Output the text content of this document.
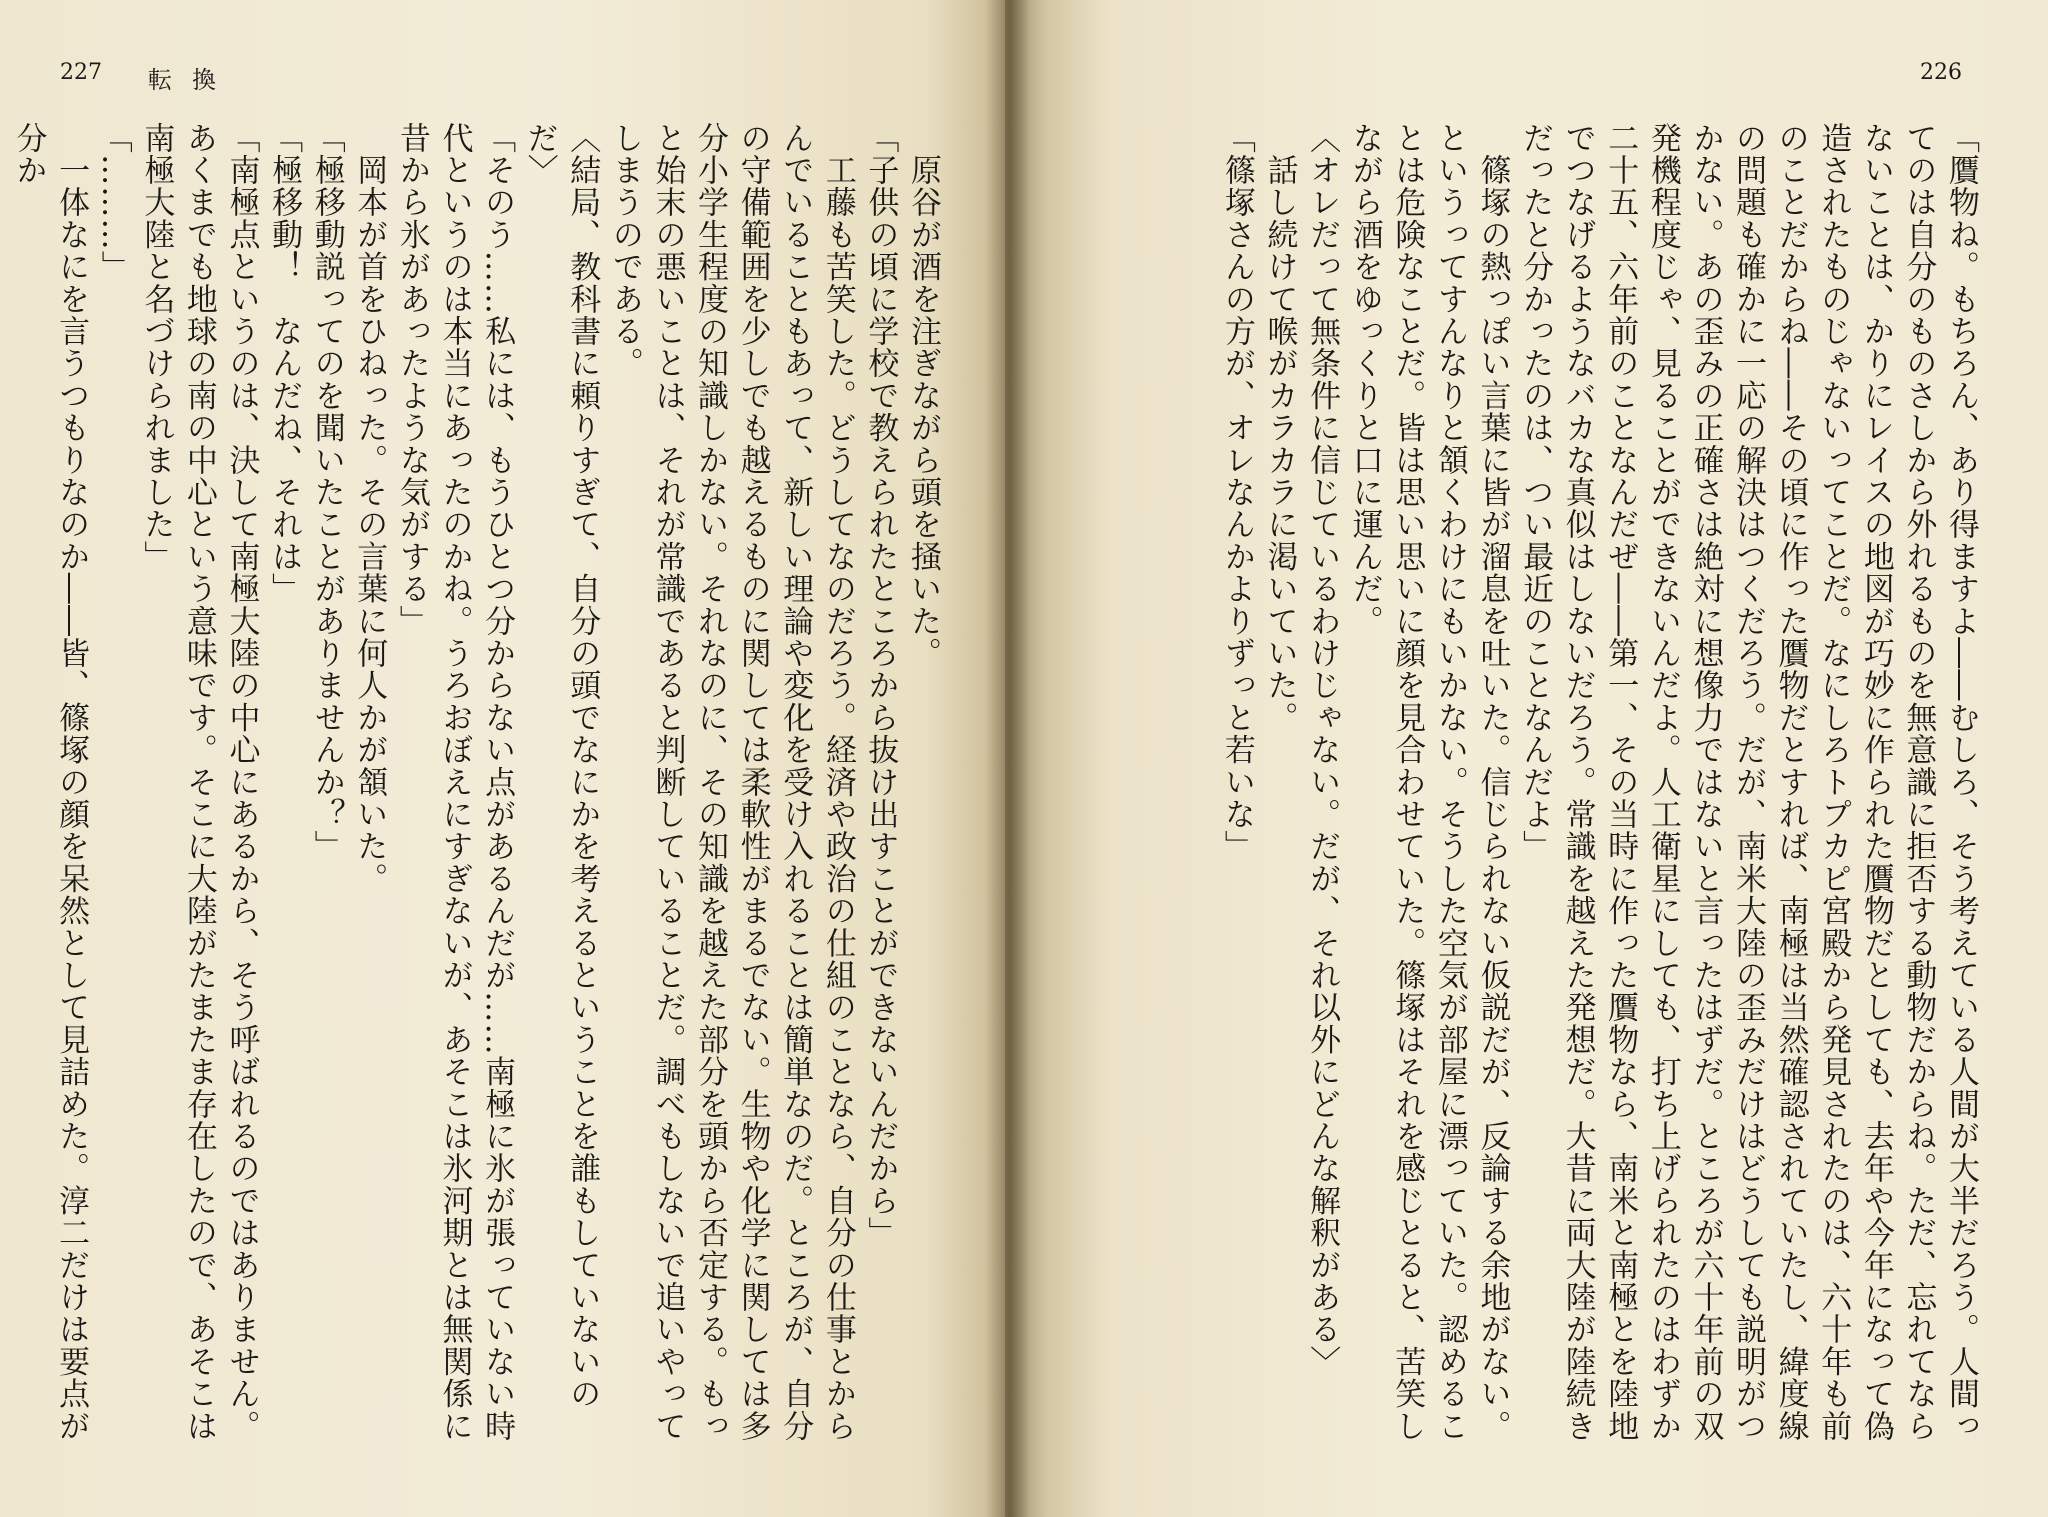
227 転換

　原谷が酒を注ぎながら頭を掻いた。

「子供の頃に学校で教えられたところから抜け出すことができないんだから」

　工藤も苦笑した。どうしてなのだろう。経済や政治の仕組のことなら、自分の仕事とからんでいることもあって、新しい理論や変化を受け入れることは簡単なのだ。ところが、自分の守備範囲を少しでも越えるものに関しては柔軟性がまるでない。生物や化学に関しては多分小学生程度の知識しかない。それなのに、その知識を越えた部分を頭から否定する。もっと始末の悪いことは、それが常識であると判断していることだ。調べもしないで追いやってしまうのである。

〈結局、教科書に頼りすぎて、自分の頭でなにかを考えるということを誰もしていないのだ〉

「そのう……私には、もうひとつ分からない点があるんだが……南極に氷が張っていない時代というのは本当にあったのかね。うろおぼえにすぎないが、あそこは氷河期とは無関係に昔から氷があったような気がする」

　岡本が首をひねった。その言葉に何人かが頷いた。

「極移動説ってのを聞いたことがありませんか？」

「極移動！　なんだね、それは」

「南極点というのは、決して南極大陸の中心にあるから、そう呼ばれるのではありません。あくまでも地球の南の中心という意味です。そこに大陸がたまたま存在したので、あそこは南極大陸と名づけられました」

「………」

　一体なにを言うつもりなのか――皆、篠塚の顔を呆然として見詰めた。淳二だけは要点が分か

226

「贋物ね。もちろん、あり得ますよ――むしろ、そう考えている人間が大半だろう。人間ってのは自分のものさしから外れるものを無意識に拒否する動物だからね。ただ、忘れてならないことは、かりにレイスの地図が巧妙に作られた贋物だとしても、去年や今年になって偽造されたものじゃないってことだ。なにしろトプカピ宮殿から発見されたのは、六十年も前のことだからね――その頃に作った贋物だとすれば、南極は当然確認されていたし、緯度線の問題も確かに一応の解決はつくだろう。だが、南米大陸の歪みだけはどうしても説明がつかない。あの歪みの正確さは絶対に想像力ではないと言ったはずだ。ところが六十年前の双発機程度じゃ、見ることができないんだよ。人工衛星にしても、打ち上げられたのはわずか二十五、六年前のことなんだぜ――第一、その当時に作った贋物なら、南米と南極とを陸地でつなげるようなバカな真似はしないだろう。常識を越えた発想だ。大昔に両大陸が陸続きだったと分かったのは、つい最近のことなんだよ」

　篠塚の熱っぽい言葉に皆が溜息を吐いた。信じられない仮説だが、反論する余地がない。というってすんなりと頷くわけにもいかない。そうした空気が部屋に漂っていた。認めることは危険なことだ。皆は思い思いに顔を見合わせていた。篠塚はそれを感じとると、苦笑しながら酒をゆっくりと口に運んだ。

〈オレだって無条件に信じているわけじゃない。だが、それ以外にどんな解釈がある〉

　話し続けて喉がカラカラに渇いていた。

「篠塚さんの方が、オレなんかよりずっと若いな」
